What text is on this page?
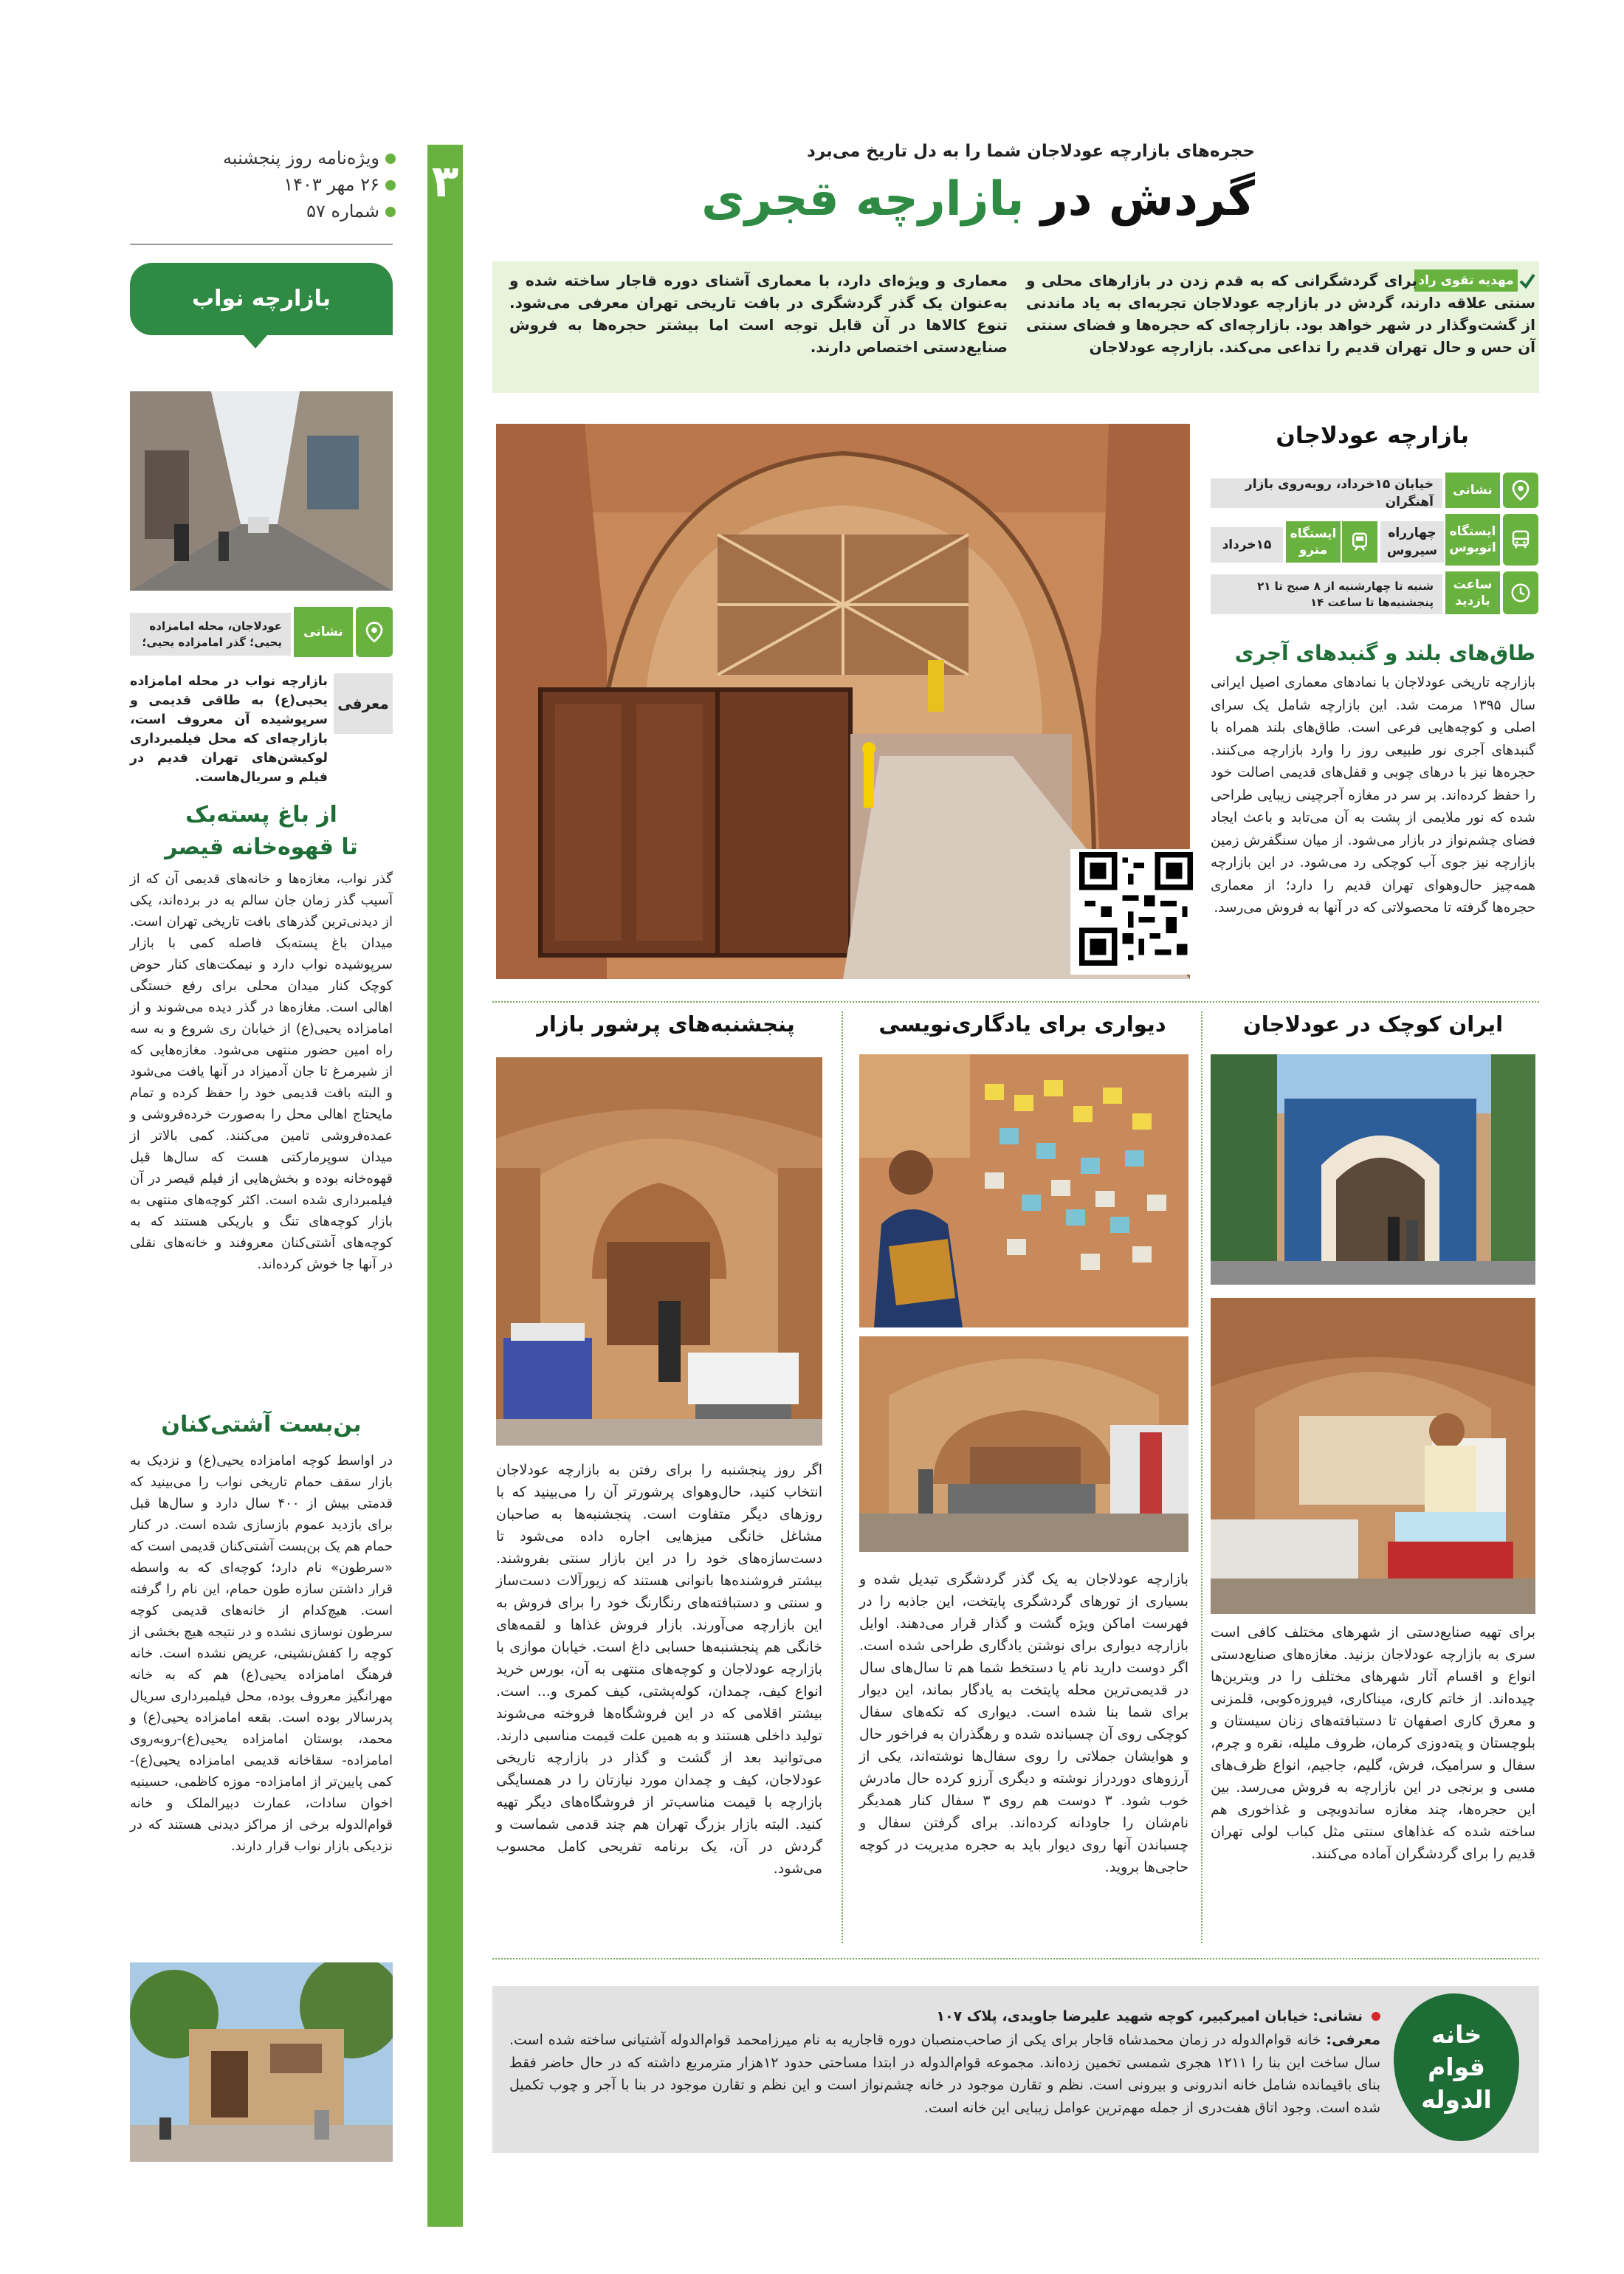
۳
ویژه‌نامه روز پنجشنبه
۲۶ مهر ۱۴۰۳
شماره ۵۷
حجره‌های بازارچه عودلاجان شما را به دل تاریخ می‌برد
گردش در بازارچه قجری
مهدیه تقوی راد
برای گردشگرانی که به قدم زدن در بازارهای محلی و سنتی علاقه دارند، گردش در بازارچه عودلاجان تجربه‌ای به یاد ماندنی از گشت‌وگذار در شهر خواهد بود. بازارچه‌ای که حجره‌ها و فضای سنتی آن حس و حال تهران قدیم را تداعی می‌کند. بازارچه عودلاجان
معماری و ویژه‌ای دارد، با معماری آشنای دوره قاجار ساخته شده و به‌عنوان یک گذر گردشگری در بافت تاریخی تهران معرفی می‌شود. تنوع کالاها در آن قابل توجه است اما بیشتر حجره‌ها به فروش صنایع‌دستی اختصاص دارند.
بازارچه عودلاجان
نشانی
خیابان ۱۵خرداد، روبه‌روی بازار آهنگران
ایستگاه اتوبوس
چهارراه سیروس
ایستگاه مترو
۱۵خرداد
ساعت بازدید
شنبه تا چهارشنبه از ۸ صبح تا ۲۱ پنجشنبه‌ها تا ساعت ۱۴
طاق‌های بلند و گنبدهای آجری
بازارچه تاریخی عودلاجان با نمادهای معماری اصیل ایرانی سال ۱۳۹۵ مرمت شد. این بازارچه شامل یک سرای اصلی و کوچه‌هایی فرعی است. طاق‌های بلند همراه با گنبدهای آجری نور طبیعی روز را وارد بازارچه می‌کنند. حجره‌ها نیز با درهای چوبی و قفل‌های قدیمی اصالت خود را حفظ کرده‌اند. بر سر در مغازه آجرچینی زیبایی طراحی شده که نور ملایمی از پشت به آن می‌تابد و باعث ایجاد فضای چشم‌نواز در بازار می‌شود. از میان سنگفرش زمین بازارچه نیز جوی آب کوچکی رد می‌شود. در این بازارچه همه‌چیز حال‌وهوای تهران قدیم را دارد؛ از معماری حجره‌ها گرفته تا محصولاتی که در آنها به فروش می‌رسد.
ایران کوچک در عودلاجان
برای تهیه صنایع‌دستی از شهرهای مختلف کافی است سری به بازارچه عودلاجان بزنید. مغازه‌های صنایع‌دستی انواع و اقسام آثار شهرهای مختلف را در ویترین‌ها چیده‌اند. از خاتم کاری، میناکاری، فیروزه‌کوبی، قلمزنی و معرق کاری اصفهان تا دستبافته‌های زنان سیستان و بلوچستان و پته‌دوزی کرمان، ظروف ملیله، نقره و چرم، سفال و سرامیک، فرش، گلیم، جاجیم، انواع ظرف‌های مسی و برنجی در این بازارچه به فروش می‌رسد. بین این حجره‌ها، چند مغازه ساندویچی و غذاخوری هم ساخته شده که غذاهای سنتی مثل کباب لولی تهران قدیم را برای گردشگران آماده می‌کنند.
دیواری برای یادگاری‌نویسی
بازارچه عودلاجان به یک گذر گردشگری تبدیل شده و بسیاری از تورهای گردشگری پایتخت، این جاذبه را در فهرست اماکن ویژه گشت و گذار قرار می‌دهند. اوایل بازارچه دیواری برای نوشتن یادگاری طراحی شده است. اگر دوست دارید نام یا دستخط شما هم تا سال‌های سال در قدیمی‌ترین محله پایتخت به یادگار بماند، این دیوار برای شما بنا شده است. دیواری که تکه‌های سفال کوچکی روی آن چسبانده شده و رهگذران به فراخور حال و هوایشان جملاتی را روی سفال‌ها نوشته‌اند، یکی از آرزوهای دوردراز نوشته و دیگری آرزو کرده حال مادرش خوب شود. ۳ دوست هم روی ۳ سفال کنار همدیگر نام‌شان را جاودانه کرده‌اند. برای گرفتن سفال و چسباندن آنها روی دیوار باید به حجره مدیریت در کوچه حاجی‌ها بروید.
پنجشنبه‌های پرشور بازار
اگر روز پنجشنبه را برای رفتن به بازارچه عودلاجان انتخاب کنید، حال‌وهوای پرشورتر آن را می‌بینید که با روزهای دیگر متفاوت است. پنجشنبه‌ها به صاحبان مشاغل خانگی میزهایی اجاره داده می‌شود تا دست‌سازه‌های خود را در این بازار سنتی بفروشند. بیشتر فروشنده‌ها بانوانی هستند که زیورآلات دست‌ساز و سنتی و دستبافته‌های رنگارنگ خود را برای فروش به این بازارچه می‌آورند. بازار فروش غذاها و لقمه‌های خانگی هم پنجشنبه‌ها حسابی داغ است. خیابان موازی با بازارچه عودلاجان و کوچه‌های منتهی به آن، بورس خرید انواع کیف، چمدان، کوله‌پشتی، کیف کمری و... است. بیشتر اقلامی که در این فروشگاه‌ها فروخته می‌شوند تولید داخلی هستند و به همین علت قیمت مناسبی دارند. می‌توانید بعد از گشت و گذار در بازارچه تاریخی عودلاجان، کیف و چمدان مورد نیازتان را در همسایگی بازارچه با قیمت مناسب‌تر از فروشگاه‌های دیگر تهیه کنید. البته بازار بزرگ تهران هم چند قدمی شماست و گردش در آن، یک برنامه تفریحی کامل محسوب می‌شود.
خانه
قوام
الدوله
نشانی: خیابان امیرکبیر، کوچه شهید علیرضا جاویدی، پلاک ۱۰۷
معرفی: خانه قوام‌الدوله در زمان محمدشاه قاجار برای یکی از صاحب‌منصبان دوره قاجاریه به نام میرزامحمد قوام‌الدوله آشتیانی ساخته شده است. سال ساخت این بنا را ۱۲۱۱ هجری شمسی تخمین زده‌اند. مجموعه قوام‌الدوله در ابتدا مساحتی حدود ۱۲هزار مترمربع داشته که در حال حاضر فقط بنای باقیمانده شامل خانه اندرونی و بیرونی است. نظم و تقارن موجود در خانه چشم‌نواز است و این نظم و تقارن موجود در بنا با آجر و چوب تکمیل شده است. وجود اتاق هفت‌دری از جمله مهم‌ترین عوامل زیبایی این خانه است.
بازارچه نواب
نشانی
عودلاجان، محله امامزاده یحیی؛ گذر امامزاده یحیی؛
معرفی
بازارچه نواب در محله امامزاده یحیی(ع) به طاقی قدیمی و سرپوشیده آن معروف است، بازارچه‌ای که محل فیلمبرداری لوکیشن‌های تهران قدیم در فیلم و سریال‌هاست.
از باغ پسته‌بک
تا قهوه‌خانه قیصر
گذر نواب، مغازه‌ها و خانه‌های قدیمی آن که از آسیب گذر زمان جان سالم به در برده‌اند، یکی از دیدنی‌ترین گذرهای بافت تاریخی تهران است. میدان باغ پسته‌بک فاصله کمی با بازار سرپوشیده نواب دارد و نیمکت‌های کنار حوض کوچک کنار میدان محلی برای رفع خستگی اهالی است. مغازه‌ها در گذر دیده می‌شوند و از امامزاده یحیی(ع) از خیابان ری شروع و به سه راه امین حضور منتهی می‌شود. مغازه‌هایی که از شیرمرغ تا جان آدمیزاد در آنها یافت می‌شود و البته بافت قدیمی خود را حفظ کرده و تمام مایحتاج اهالی محل را به‌صورت خرده‌فروشی و عمده‌فروشی تامین می‌کنند. کمی بالاتر از میدان سوپرمارکتی هست که سال‌ها قبل قهوه‌خانه بوده و بخش‌هایی از فیلم قیصر در آن فیلمبرداری شده است. اکثر کوچه‌های منتهی به بازار کوچه‌های تنگ و باریکی هستند که به کوچه‌های آشتی‌کنان معروفند و خانه‌های نقلی در آنها جا خوش کرده‌اند.
بن‌بست آشتی‌کنان
در اواسط کوچه امامزاده یحیی(ع) و نزدیک به بازار سقف حمام تاریخی نواب را می‌بینید که قدمتی بیش از ۴۰۰ سال دارد و سال‌ها قبل برای بازدید عموم بازسازی شده است. در کنار حمام هم یک بن‌بست آشتی‌کنان قدیمی است که «سرطون» نام دارد؛ کوچه‌ای که به واسطه قرار داشتن سازه طون حمام، این نام را گرفته است. هیچ‌کدام از خانه‌های قدیمی کوچه سرطون نوسازی نشده و در نتیجه هیچ بخشی از کوچه را کفش‌نشینی، عریض نشده است. خانه فرهنگ امامزاده یحیی(ع) هم که به خانه مهرانگیز معروف بوده، محل فیلمبرداری سریال پدرسالار بوده است. بقعه امامزاده یحیی(ع) و محمد، بوستان امامزاده یحیی(ع)-روبه‌روی امامزاده- سقاخانه قدیمی امامزاده یحیی(ع)- کمی پایین‌تر از امامزاده- موزه کاظمی، حسینیه اخوان سادات، عمارت دبیرالملک و خانه قوام‌الدوله برخی از مراکز دیدنی هستند که در نزدیکی بازار نواب قرار دارند.
